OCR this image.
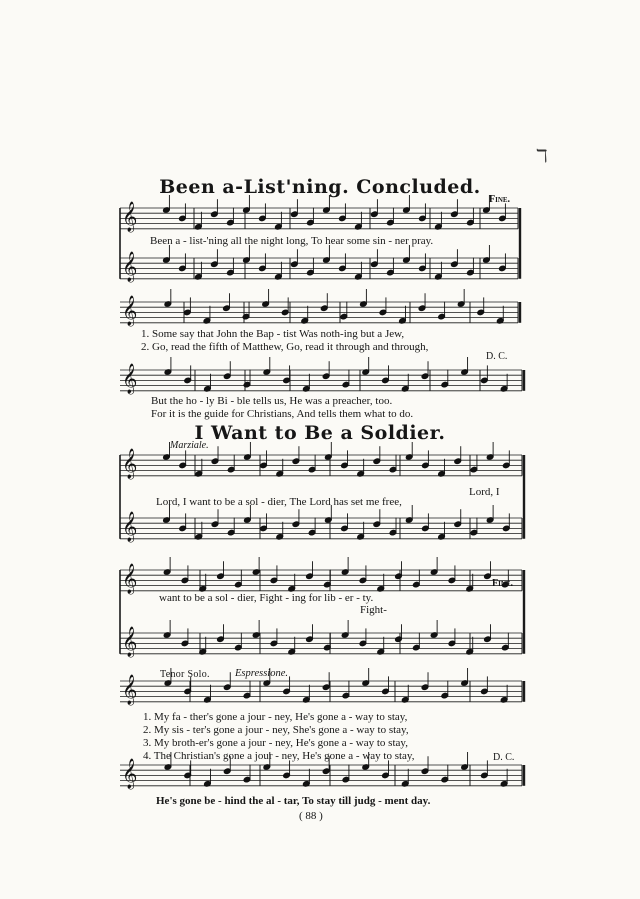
ℸ
𝄞
𝄞
𝄞
𝄞
𝄞
𝄞
𝄞
𝄞
𝄞
𝄞
Been a-List'ning. Concluded.
Fine.
Been a - list-'ning all the night long, To hear some sin - ner pray.
1. Some say that John the Bap - tist Was noth-ing but a Jew,
2. Go, read the fifth of Matthew, Go, read it through and through,
D. C.
But the ho - ly Bi - ble tells us, He was a preacher, too.
For it is the guide for Christians, And tells them what to do.
I Want to Be a Soldier.
Marziale.
Lord, I want to be a sol - dier, The Lord has set me free,
Lord, I
Fine.
want to be a sol - dier, Fight - ing for lib - er - ty.
Fight-
Tenor Solo. Espressione.
1. My fa - ther's gone a jour - ney, He's gone a - way to stay,
2. My sis - ter's gone a jour - ney, She's gone a - way to stay,
3. My broth-er's gone a jour - ney, He's gone a - way to stay,
4. The Christian's gone a jour - ney, He's gone a - way to stay,	D. C.
He's gone be - hind the al - tar, To stay till judg - ment day.
( 88 )
